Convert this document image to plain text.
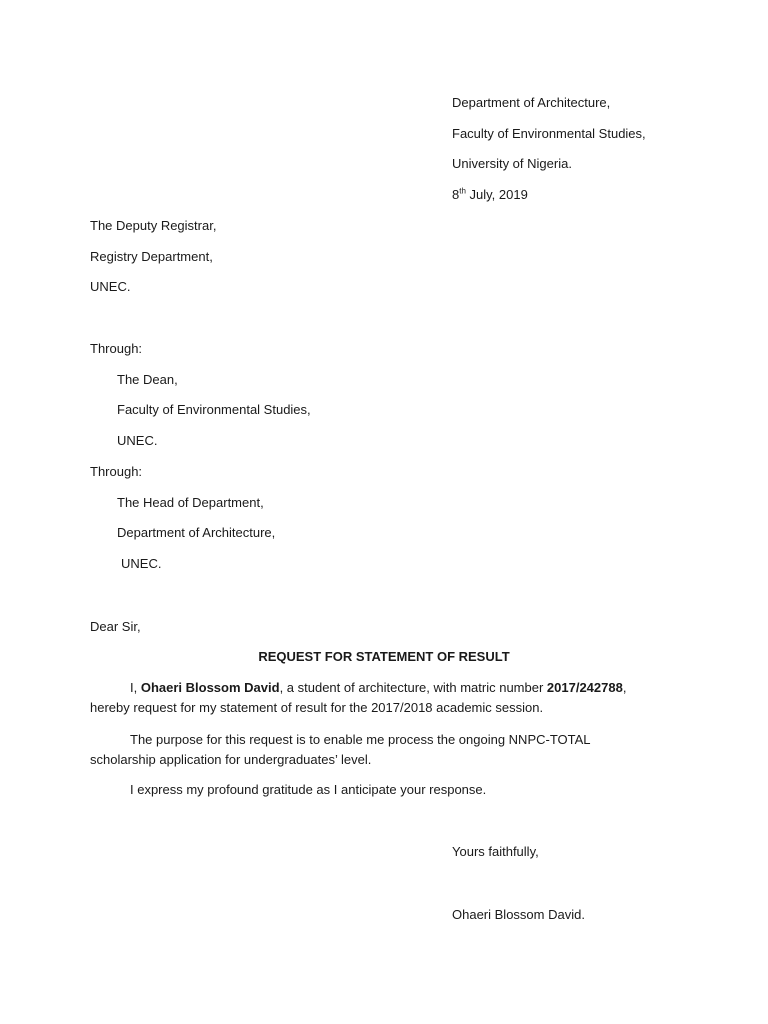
Department of Architecture,
Faculty of Environmental Studies,
University of Nigeria.
8th July, 2019
The Deputy Registrar,
Registry Department,
UNEC.
Through:
The Dean,
Faculty of Environmental Studies,
UNEC.
Through:
The Head of Department,
Department of Architecture,
UNEC.
Dear Sir,
REQUEST FOR STATEMENT OF RESULT
I, Ohaeri Blossom David, a student of architecture, with matric number 2017/242788,
hereby request for my statement of result for the 2017/2018 academic session.
The purpose for this request is to enable me process the ongoing NNPC-TOTAL
scholarship application for undergraduates’ level.
I express my profound gratitude as I anticipate your response.
Yours faithfully,
Ohaeri Blossom David.
